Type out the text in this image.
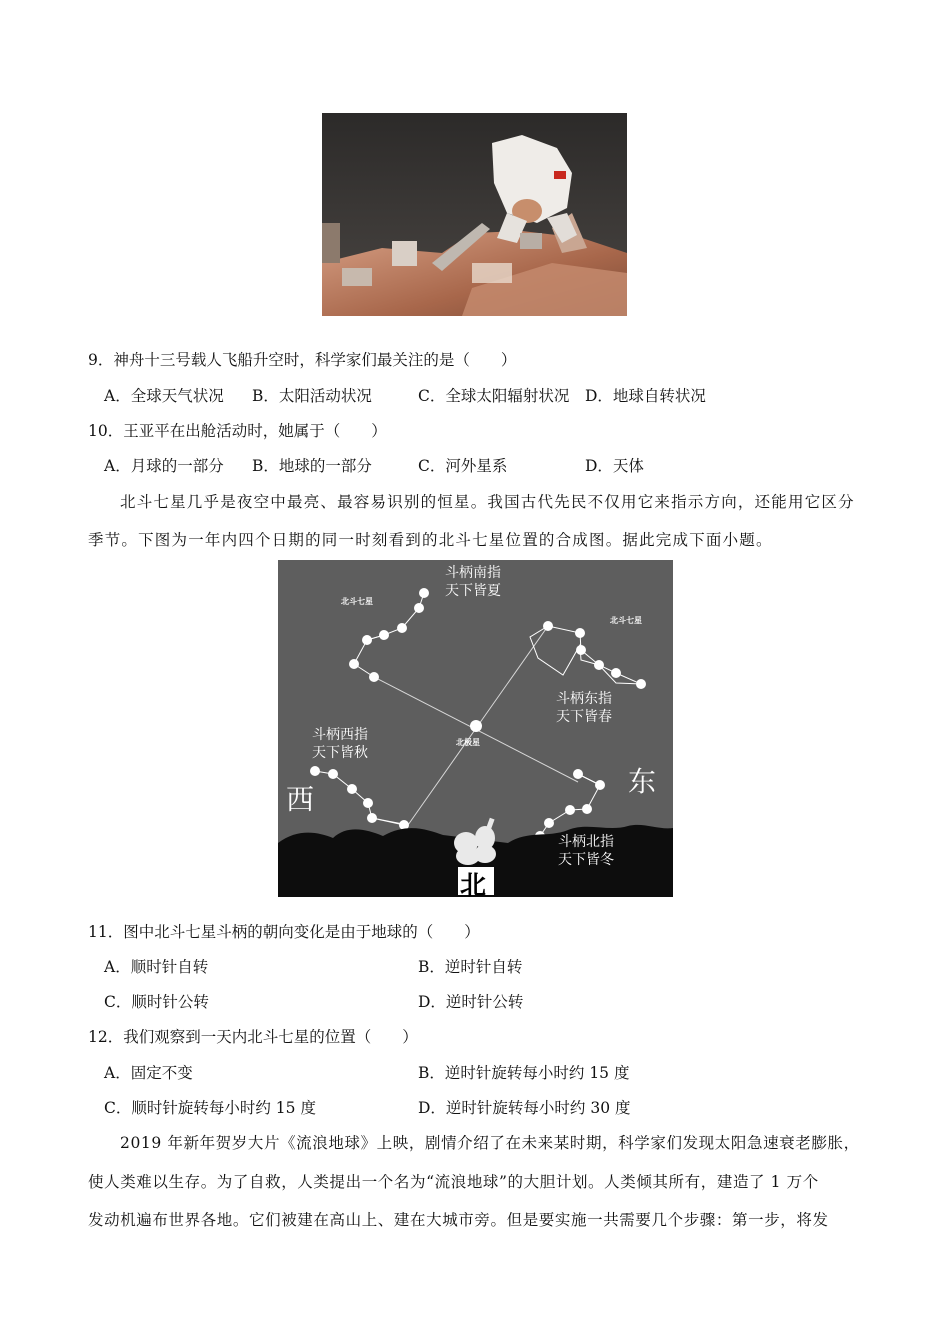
9．神舟十三号载人飞船升空时，科学家们最关注的是（　　）
A．全球天气状况 B．太阳活动状况	C．全球太阳辐射状况 D．地球自转状况
10．王亚平在出舱活动时，她属于（　　）
A．月球的一部分 B．地球的一部分	C．河外星系	D．天体
北斗七星几乎是夜空中最亮、最容易识别的恒星。我国古代先民不仅用它来指示方向，还能用它区分
季节。下图为一年内四个日期的同一时刻看到的北斗七星位置的合成图。据此完成下面小题。
北斗七星
北斗七星
北极星
斗柄南指
天下皆夏
斗柄东指
天下皆春
斗柄西指
天下皆秋
斗柄北指
天下皆冬
西
东
北
11．图中北斗七星斗柄的朝向变化是由于地球的（　　）
A．顺时针自转	B．逆时针自转
C．顺时针公转	D．逆时针公转
12．我们观察到一天内北斗七星的位置（　　）
A．固定不变	B．逆时针旋转每小时约 15 度
C．顺时针旋转每小时约 15 度	D．逆时针旋转每小时约 30 度
2019 年新年贺岁大片《流浪地球》上映，剧情介绍了在未来某时期，科学家们发现太阳急速衰老膨胀，
使人类难以生存。为了自救，人类提出一个名为“流浪地球”的大胆计划。人类倾其所有，建造了 1 万个
发动机遍布世界各地。它们被建在高山上、建在大城市旁。但是要实施一共需要几个步骤：第一步，将发
